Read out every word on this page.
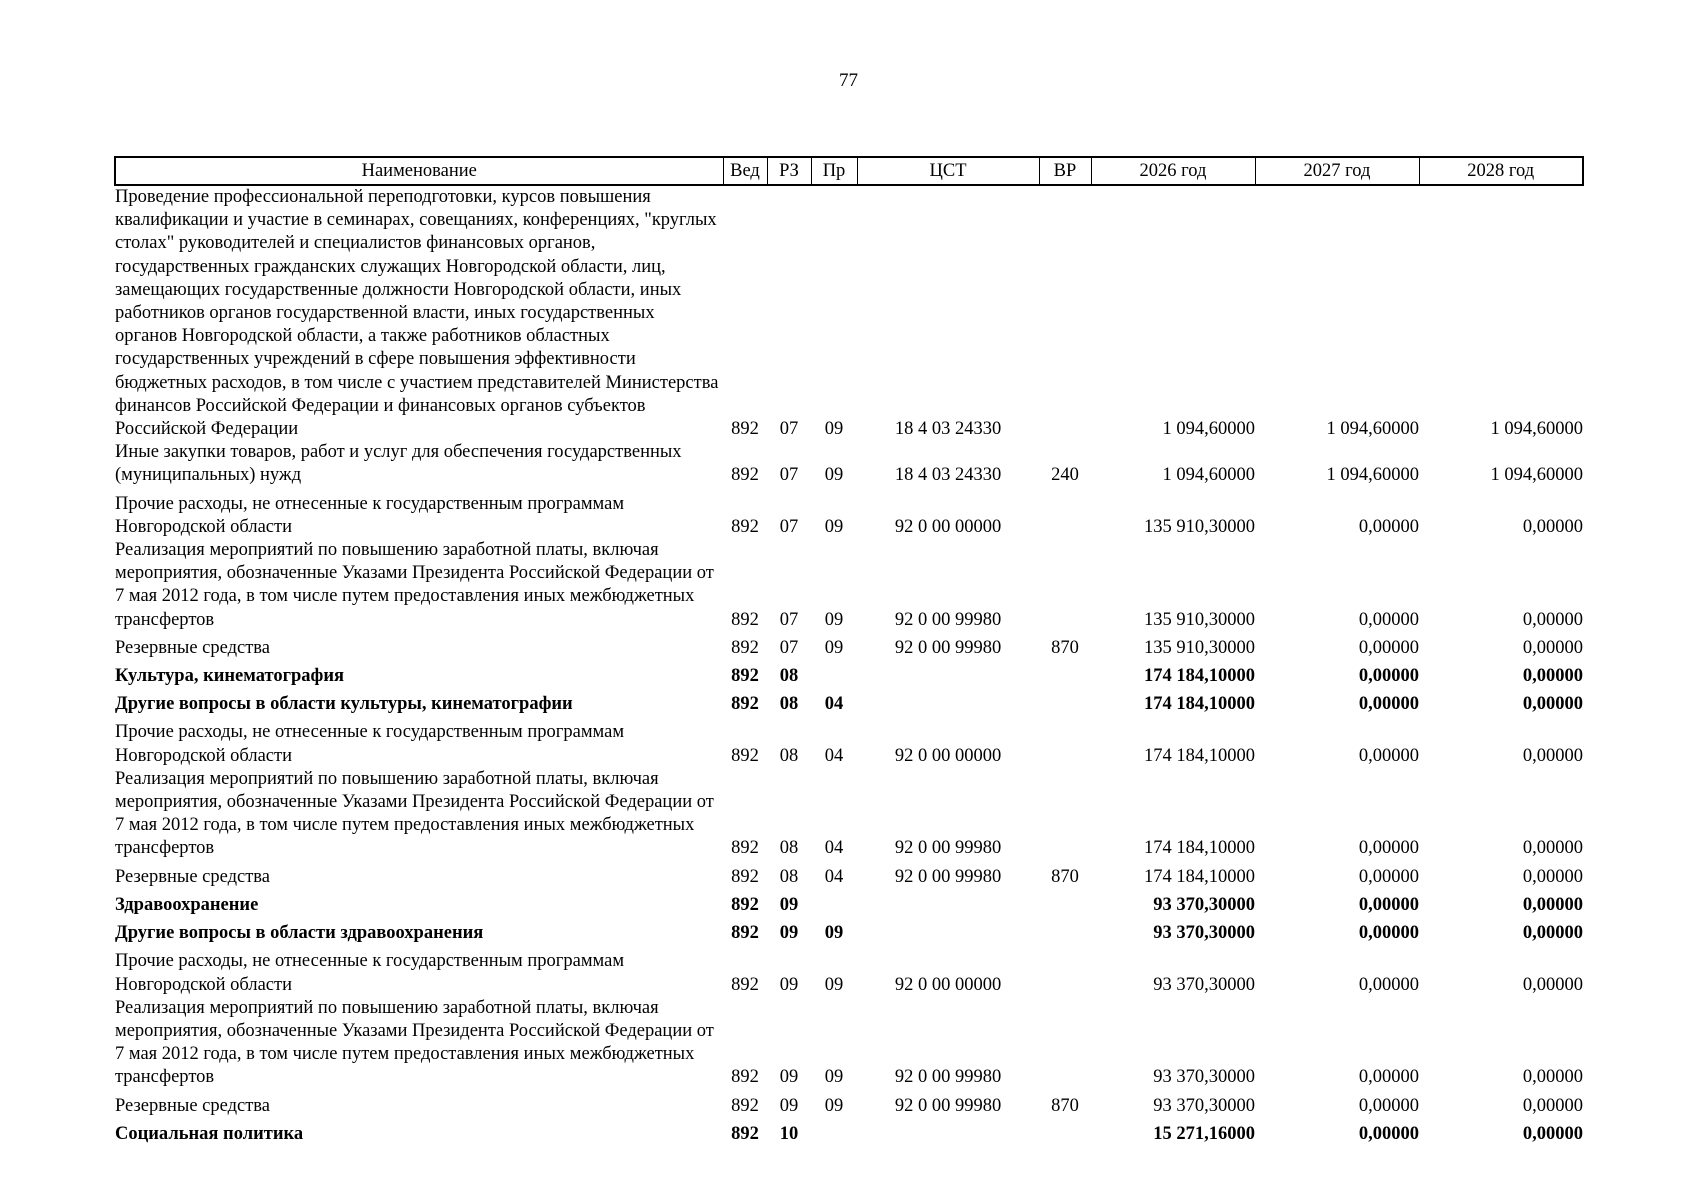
77
Наименование	Вед	РЗ	Пр	ЦСТ	ВР	2026 год	2027 год	2028 год
Проведение профессиональной переподготовки, курсов повышения квалификации и участие в семинарах, совещаниях, конференциях, "круглых столах" руководителей и специалистов финансовых органов, государственных гражданских служащих Новгородской области, лиц, замещающих государственные должности Новгородской области, иных работников органов государственной власти, иных государственных органов Новгородской области, а также работников областных государственных учреждений в сфере повышения эффективности бюджетных расходов, в том числе с участием представителей Министерства финансов Российской Федерации и финансовых органов субъектов Российской Федерации	892	07	09	18 4 03 24330		1 094,60000	1 094,60000	1 094,60000
Иные закупки товаров, работ и услуг для обеспечения государственных (муниципальных) нужд	892	07	09	18 4 03 24330	240	1 094,60000	1 094,60000	1 094,60000
Прочие расходы, не отнесенные к государственным программам Новгородской области	892	07	09	92 0 00 00000		135 910,30000	0,00000	0,00000
Реализация мероприятий по повышению заработной платы, включая мероприятия, обозначенные Указами Президента Российской Федерации от 7 мая 2012 года, в том числе путем предоставления иных межбюджетных трансфертов	892	07	09	92 0 00 99980		135 910,30000	0,00000	0,00000
Резервные средства	892	07	09	92 0 00 99980	870	135 910,30000	0,00000	0,00000
Культура, кинематография	892	08				174 184,10000	0,00000	0,00000
Другие вопросы в области культуры, кинематографии	892	08	04			174 184,10000	0,00000	0,00000
Прочие расходы, не отнесенные к государственным программам Новгородской области	892	08	04	92 0 00 00000		174 184,10000	0,00000	0,00000
Реализация мероприятий по повышению заработной платы, включая мероприятия, обозначенные Указами Президента Российской Федерации от 7 мая 2012 года, в том числе путем предоставления иных межбюджетных трансфертов	892	08	04	92 0 00 99980		174 184,10000	0,00000	0,00000
Резервные средства	892	08	04	92 0 00 99980	870	174 184,10000	0,00000	0,00000
Здравоохранение	892	09				93 370,30000	0,00000	0,00000
Другие вопросы в области здравоохранения	892	09	09			93 370,30000	0,00000	0,00000
Прочие расходы, не отнесенные к государственным программам Новгородской области	892	09	09	92 0 00 00000		93 370,30000	0,00000	0,00000
Реализация мероприятий по повышению заработной платы, включая мероприятия, обозначенные Указами Президента Российской Федерации от 7 мая 2012 года, в том числе путем предоставления иных межбюджетных трансфертов	892	09	09	92 0 00 99980		93 370,30000	0,00000	0,00000
Резервные средства	892	09	09	92 0 00 99980	870	93 370,30000	0,00000	0,00000
Социальная политика	892	10				15 271,16000	0,00000	0,00000
